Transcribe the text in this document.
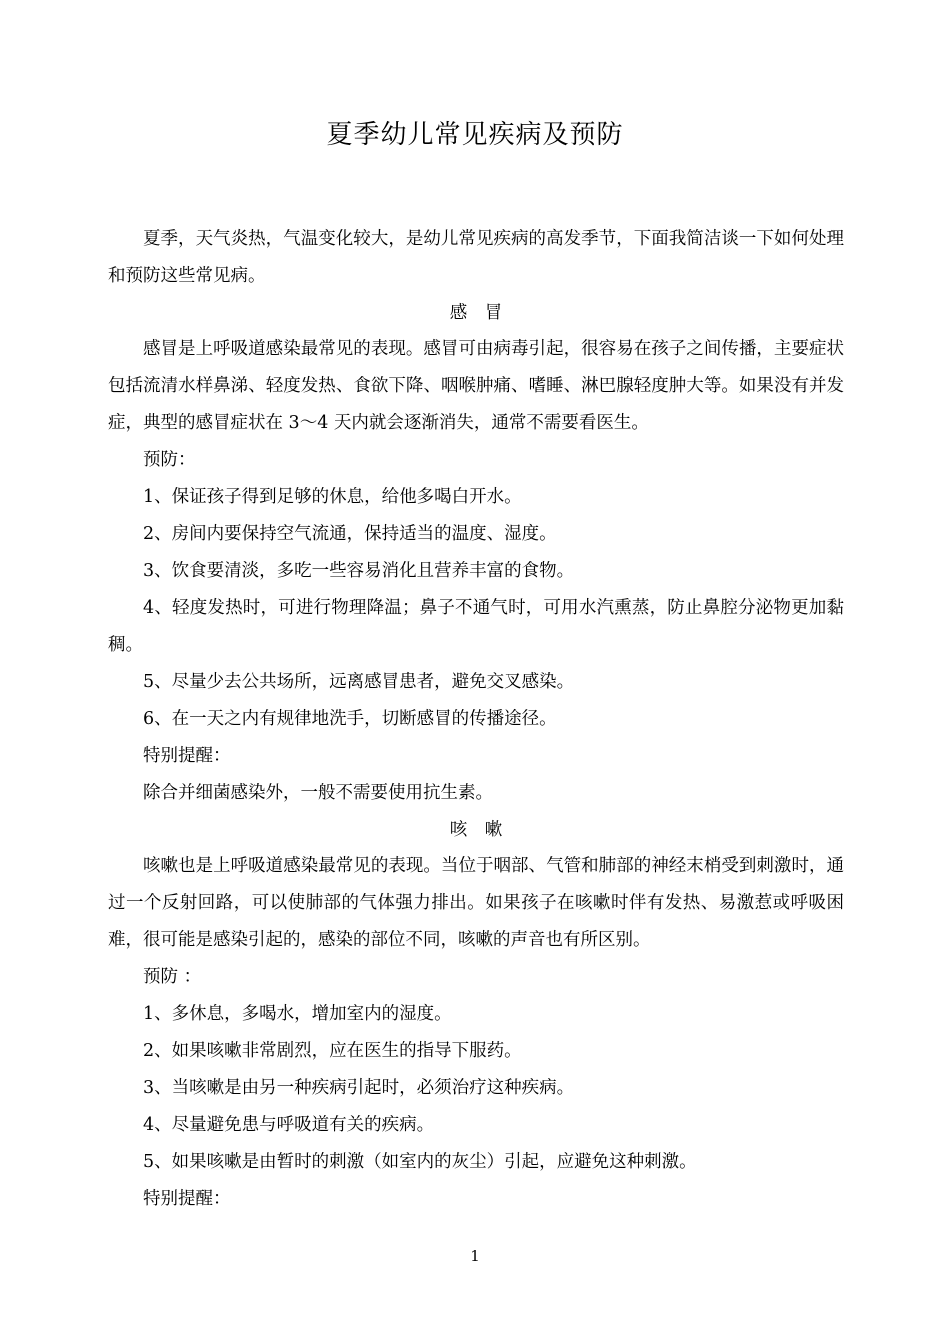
夏季幼儿常见疾病及预防

夏季，天气炎热，气温变化较大，是幼儿常见疾病的高发季节，下面我简洁谈一下如何处理和预防这些常见病。

感　冒

感冒是上呼吸道感染最常见的表现。感冒可由病毒引起，很容易在孩子之间传播，主要症状包括流清水样鼻涕、轻度发热、食欲下降、咽喉肿痛、嗜睡、淋巴腺轻度肿大等。如果没有并发症，典型的感冒症状在 3～4 天内就会逐渐消失，通常不需要看医生。

预防：

1、保证孩子得到足够的休息，给他多喝白开水。

2、房间内要保持空气流通，保持适当的温度、湿度。

3、饮食要清淡，多吃一些容易消化且营养丰富的食物。

4、轻度发热时，可进行物理降温；鼻子不通气时，可用水汽熏蒸，防止鼻腔分泌物更加黏稠。

5、尽量少去公共场所，远离感冒患者，避免交叉感染。

6、在一天之内有规律地洗手，切断感冒的传播途径。

特别提醒：

除合并细菌感染外，一般不需要使用抗生素。

咳　嗽

咳嗽也是上呼吸道感染最常见的表现。当位于咽部、气管和肺部的神经末梢受到刺激时，通过一个反射回路，可以使肺部的气体强力排出。如果孩子在咳嗽时伴有发热、易激惹或呼吸困难，很可能是感染引起的，感染的部位不同，咳嗽的声音也有所区别。

预防 ：

1、多休息，多喝水，增加室内的湿度。

2、如果咳嗽非常剧烈，应在医生的指导下服药。

3、当咳嗽是由另一种疾病引起时，必须治疗这种疾病。

4、尽量避免患与呼吸道有关的疾病。

5、如果咳嗽是由暂时的刺激（如室内的灰尘）引起，应避免这种刺激。

特别提醒：

1
